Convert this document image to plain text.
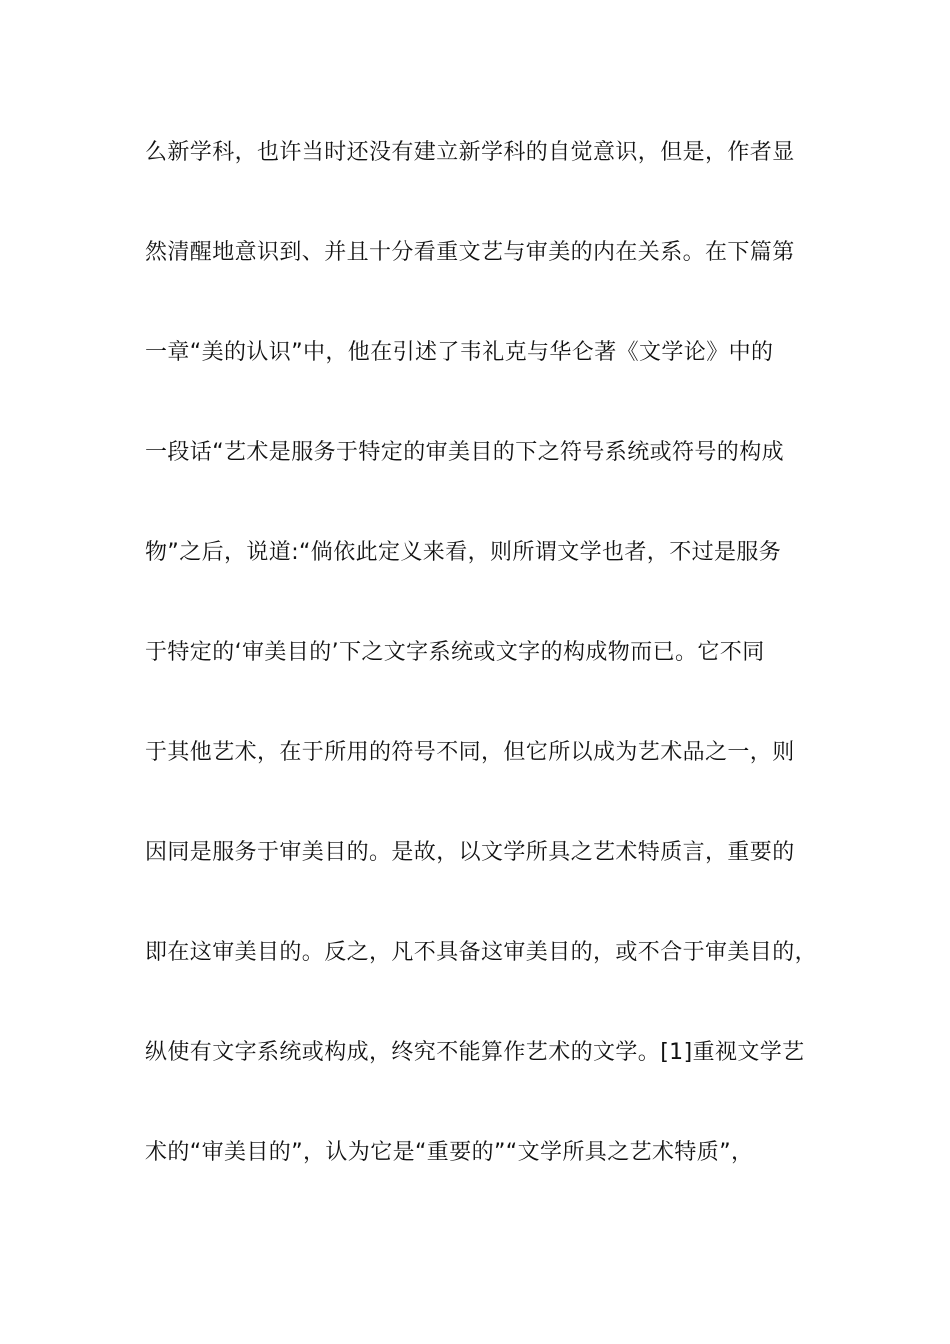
么新学科，也许当时还没有建立新学科的自觉意识，但是，作者显
然清醒地意识到、并且十分看重文艺与审美的内在关系。在下篇第
一章“美的认识”中，他在引述了韦礼克与华仑著《文学论》中的
一段话“艺术是服务于特定的审美目的下之符号系统或符号的构成
物”之后，说道:“倘依此定义来看，则所谓文学也者，不过是服务
于特定的‘审美目的’下之文字系统或文字的构成物而已。它不同
于其他艺术，在于所用的符号不同，但它所以成为艺术品之一，则
因同是服务于审美目的。是故，以文学所具之艺术特质言，重要的
即在这审美目的。反之，凡不具备这审美目的，或不合于审美目的，
纵使有文字系统或构成，终究不能算作艺术的文学。[1]重视文学艺
术的“审美目的”，认为它是“重要的”“文学所具之艺术特质”，
